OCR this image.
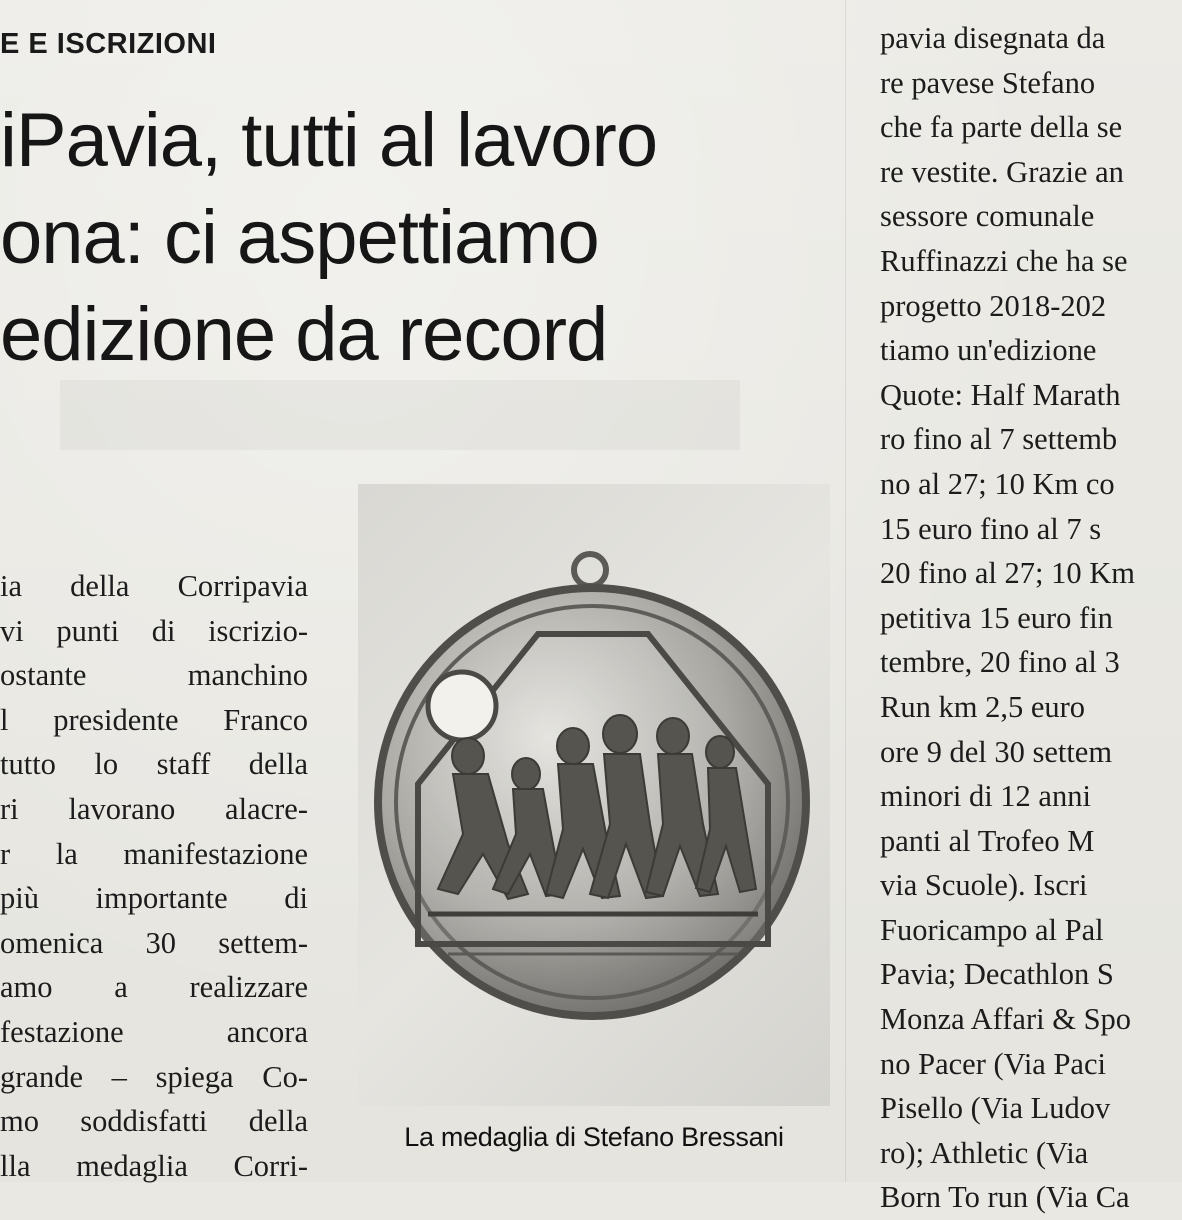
E E ISCRIZIONI
iPavia, tutti al lavoro
ona: ci aspettiamo
edizione da record
ia della Corripavia
vi punti di iscrizio-
ostante manchino
l presidente Franco
tutto lo staff della
ri lavorano alacre-
r la manifestazione
più importante di
omenica 30 settem-
amo a realizzare
festazione ancora
grande – spiega Co-
mo soddisfatti della
lla medaglia Corri-
La medaglia di Stefano Bressani
pavia disegnata da
re pavese Stefano
che fa parte della se
re vestite. Grazie an
sessore comunale
Ruffinazzi che ha se
progetto 2018-202
tiamo un'edizione
Quote: Half Marath
ro fino al 7 settemb
no al 27; 10 Km co
15 euro fino al 7 s
20 fino al 27; 10 Km
petitiva 15 euro fin
tembre, 20 fino al 3
Run km 2,5 euro
ore 9 del 30 settem
minori di 12 anni
panti al Trofeo M
via Scuole). Iscri
Fuoricampo al Pal
Pavia; Decathlon S
Monza Affari & Spo
no Pacer (Via Paci
Pisello (Via Ludov
ro); Athletic (Via
Born To run (Via Ca
